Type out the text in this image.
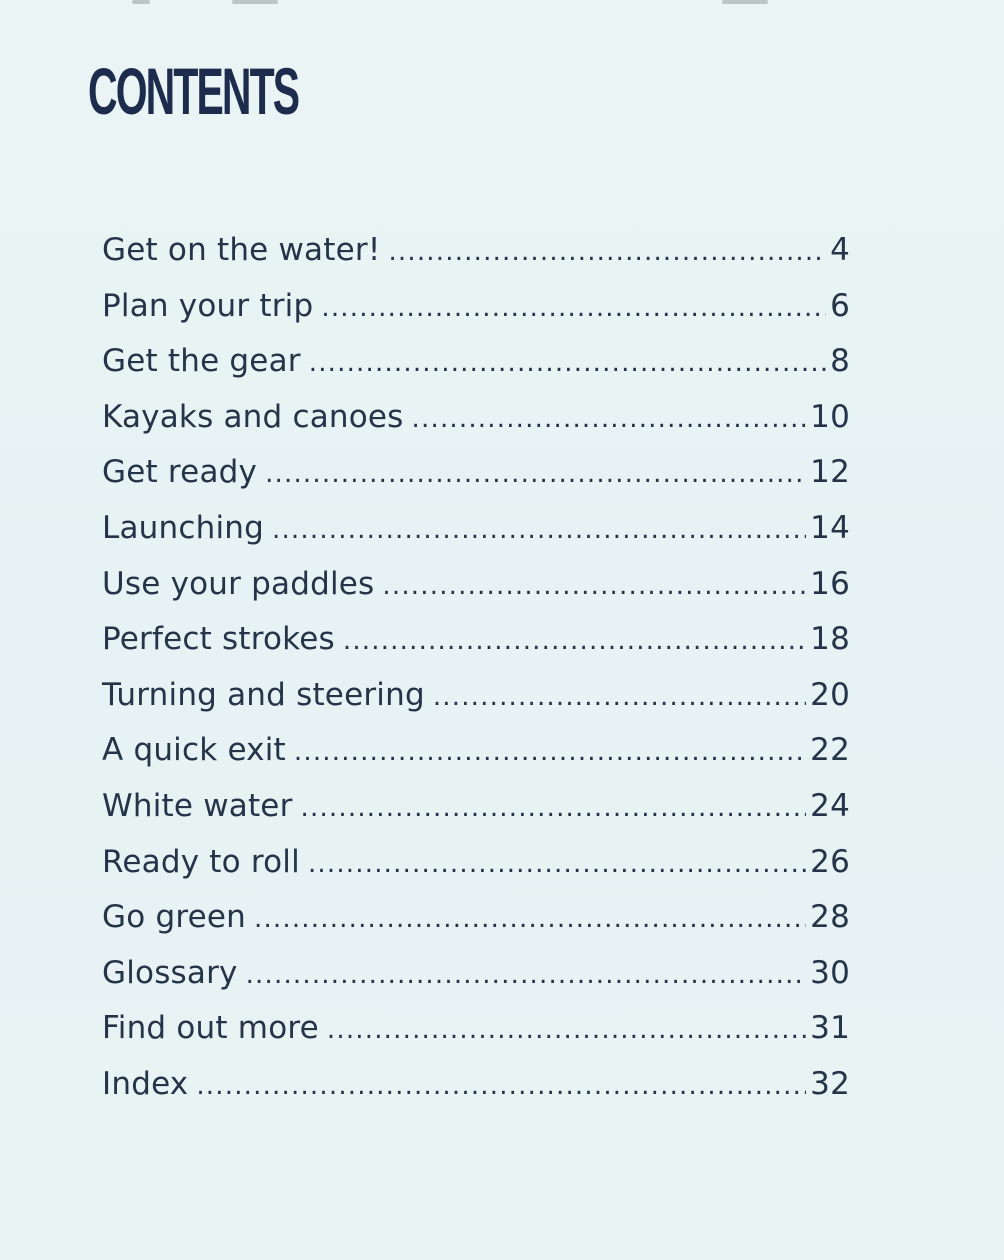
CONTENTS
Get on the water! .....	4
Plan your trip .....	6
Get the gear .....	8
Kayaks and canoes .....	10
Get ready .....	12
Launching .....	14
Use your paddles .....	16
Perfect strokes .....	18
Turning and steering .....	20
A quick exit .....	22
White water .....	24
Ready to roll .....	26
Go green .....	28
Glossary .....	30
Find out more .....	31
Index .....	32
